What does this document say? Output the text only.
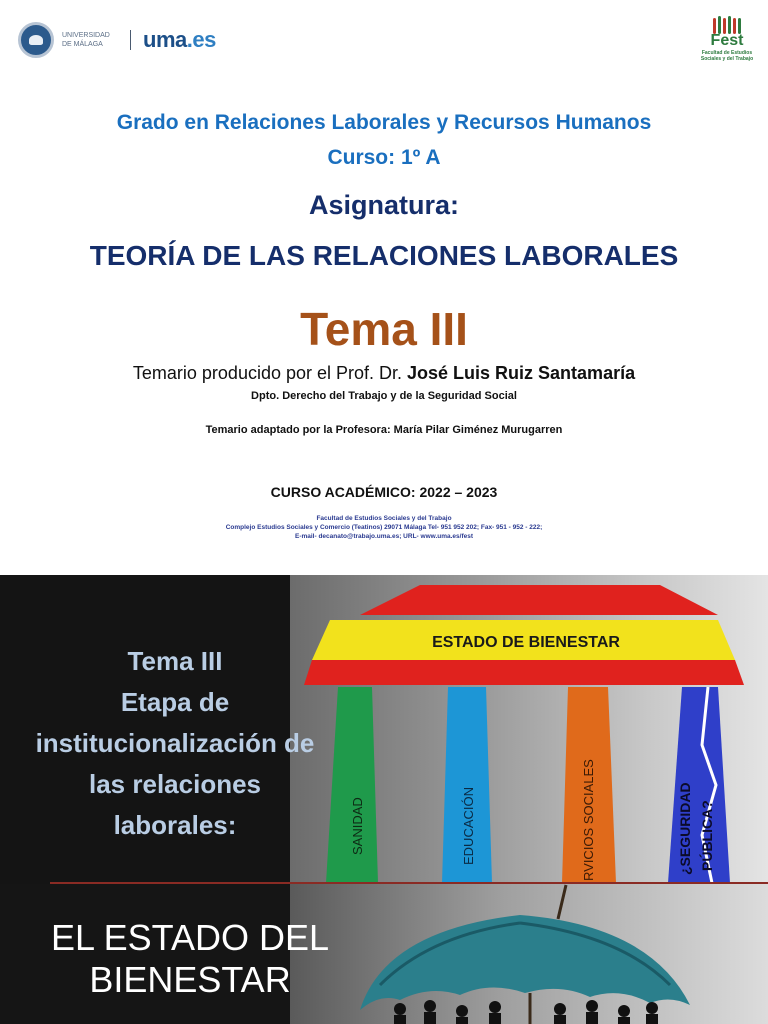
UNIVERSIDAD DE MÁLAGA	uma.es	Fest
Facultad de Estudios Sociales y del Trabajo
Grado en Relaciones Laborales y Recursos Humanos
Curso: 1º A
Asignatura:
TEORÍA DE LAS RELACIONES LABORALES
Tema III
Temario producido por el Prof. Dr. José Luis Ruiz Santamaría
Dpto. Derecho del Trabajo y de la Seguridad Social
Temario adaptado por la Profesora: María Pilar Giménez Murugarren
CURSO ACADÉMICO: 2022 – 2023
Facultad de Estudios Sociales y del Trabajo
Complejo Estudios Sociales y Comercio (Teatinos) 29071 Málaga Tel- 951 952 202; Fax- 951 - 952 - 222;
E-mail- decanato@trabajo.uma.es; URL- www.uma.es/fest
ESTADO DE BIENESTAR
SANIDAD	EDUCACIÓN	RVICIOS SOCIALES	¿SEGURIDAD PÚBLICA?
Tema III
Etapa de
institucionalización de
las relaciones
laborales:
EL ESTADO DEL
BIENESTAR
